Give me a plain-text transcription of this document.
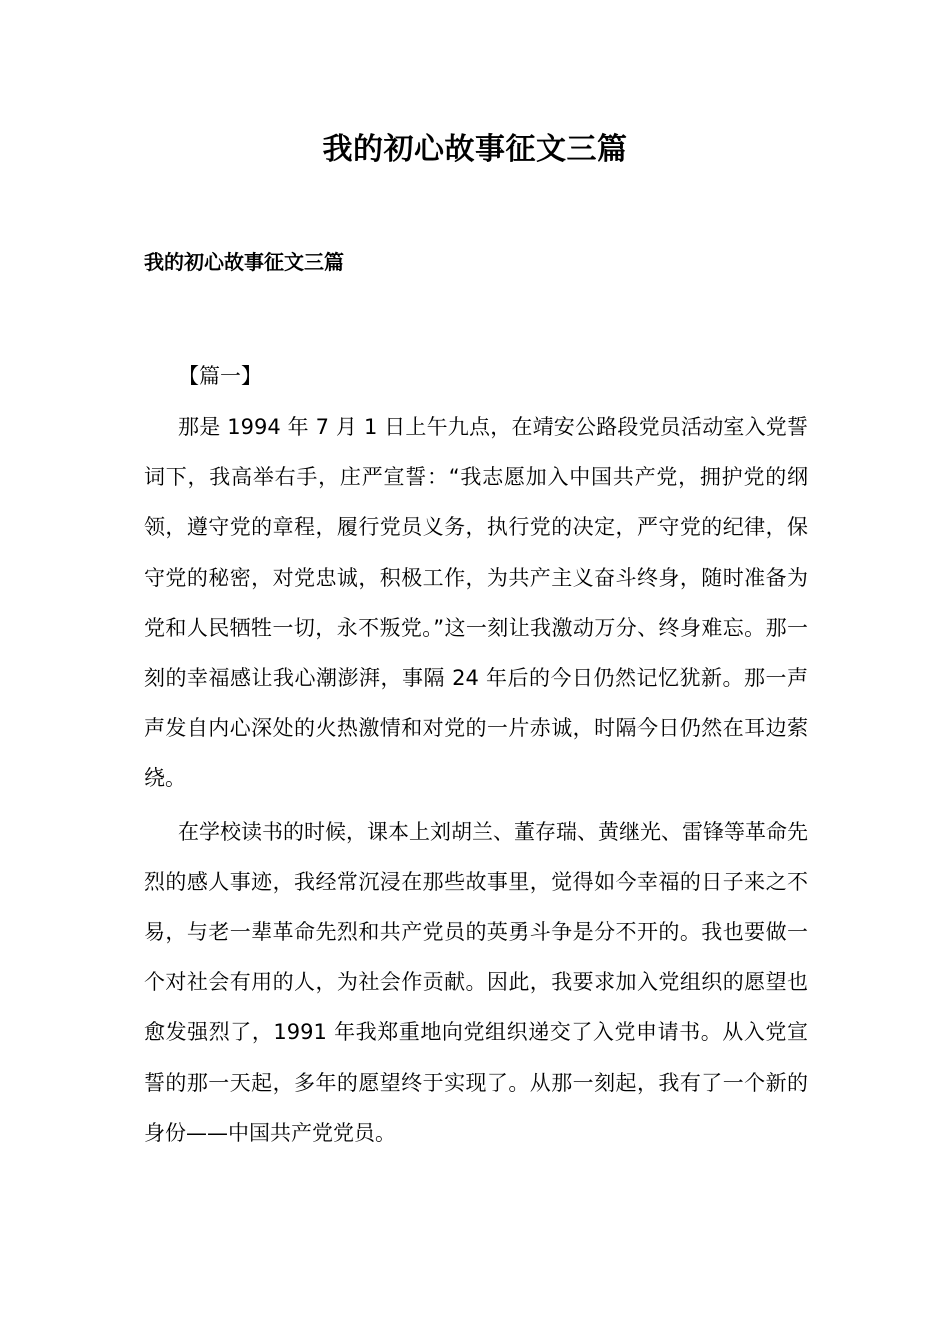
我的初心故事征文三篇
我的初心故事征文三篇
【篇一】

那是 1994 年 7 月 1 日上午九点，在靖安公路段党员活动室入党誓词下，我高举右手，庄严宣誓：“我志愿加入中国共产党，拥护党的纲领，遵守党的章程，履行党员义务，执行党的决定，严守党的纪律，保守党的秘密，对党忠诚，积极工作，为共产主义奋斗终身，随时准备为党和人民牺牲一切，永不叛党。”这一刻让我激动万分、终身难忘。那一刻的幸福感让我心潮澎湃，事隔 24 年后的今日仍然记忆犹新。那一声声发自内心深处的火热激情和对党的一片赤诚，时隔今日仍然在耳边萦绕。

在学校读书的时候，课本上刘胡兰、董存瑞、黄继光、雷锋等革命先烈的感人事迹，我经常沉浸在那些故事里，觉得如今幸福的日子来之不易，与老一辈革命先烈和共产党员的英勇斗争是分不开的。我也要做一个对社会有用的人，为社会作贡献。因此，我要求加入党组织的愿望也愈发强烈了，1991 年我郑重地向党组织递交了入党申请书。从入党宣誓的那一天起，多年的愿望终于实现了。从那一刻起，我有了一个新的身份——中国共产党党员。
